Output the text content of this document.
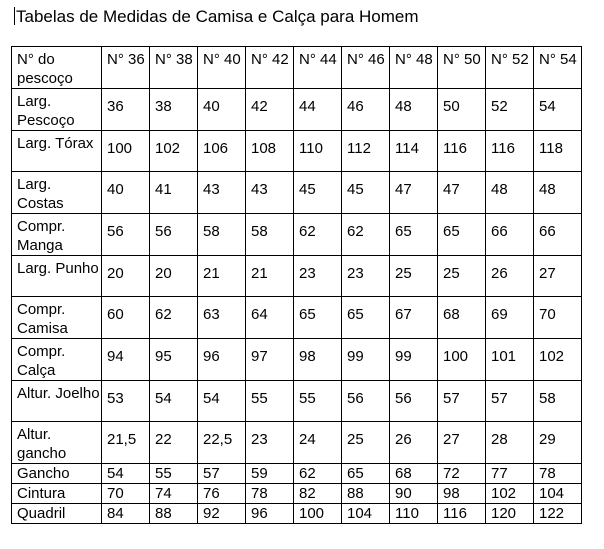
Tabelas de Medidas de Camisa e Calça para Homem
N° do pescoço	N° 36	N° 38	N° 40	N° 42	N° 44	N° 46	N° 48	N° 50	N° 52	N° 54
Larg. Pescoço	36	38	40	42	44	46	48	50	52	54
Larg. Tórax	100	102	106	108	110	112	114	116	116	118
Larg. Costas	40	41	43	43	45	45	47	47	48	48
Compr. Manga	56	56	58	58	62	62	65	65	66	66
Larg. Punho	20	20	21	21	23	23	25	25	26	27
Compr. Camisa	60	62	63	64	65	65	67	68	69	70
Compr. Calça	94	95	96	97	98	99	99	100	101	102
Altur. Joelho	53	54	54	55	55	56	56	57	57	58
Altur. gancho	21,5	22	22,5	23	24	25	26	27	28	29
Gancho	54	55	57	59	62	65	68	72	77	78
Cintura	70	74	76	78	82	88	90	98	102	104
Quadril	84	88	92	96	100	104	110	116	120	122
